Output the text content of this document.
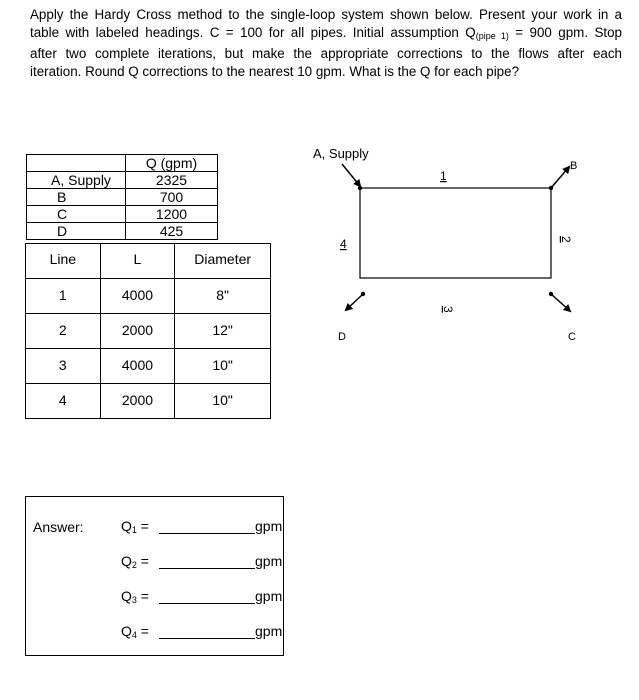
Apply the Hardy Cross method to the single-loop system shown below. Present your work in a
table with labeled headings. C = 100 for all pipes. Initial assumption $Q_{(pipe 1)} = 900$ gpm. Stop
after two complete iterations, but make the appropriate corrections to the flows after each
iteration. Round Q corrections to the nearest 10 gpm. What is the Q for each pipe?
	Q (gpm)
A, Supply	2325
B	700
C	1200
D	425
Line	L	Diameter
1	4000	8"
2	2000	12"
3	4000	10"
4	2000	10"
Answer:	$Q_1$ =	gpm
$Q_2$ =	gpm
$Q_3$ =	gpm
$Q_4$ =	gpm
A, Supply
B
C
D
1
2
3
4
